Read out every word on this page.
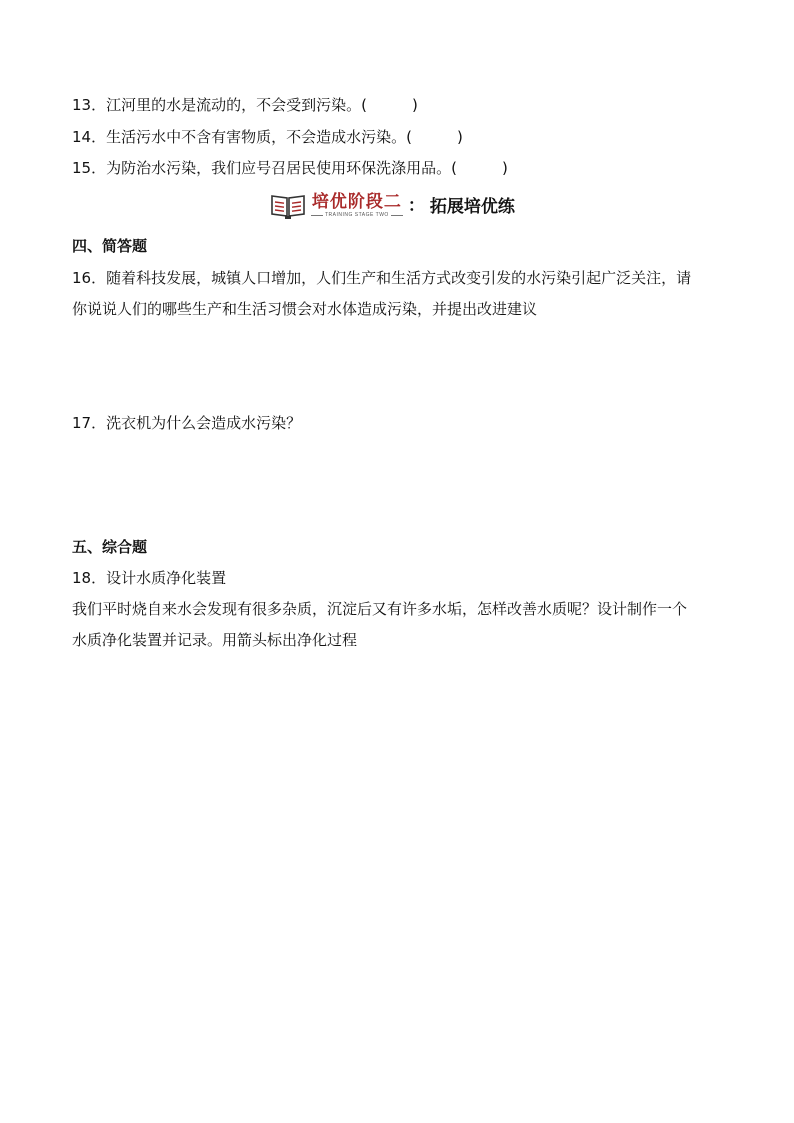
13．江河里的水是流动的，不会受到污染。(　　　)
14．生活污水中不含有害物质，不会造成水污染。(　　　)
15．为防治水污染，我们应号召居民使用环保洗涤用品。(　　　)
培优阶段二
TRAINING STAGE TWO ： 拓展培优练
四、简答题
16．随着科技发展，城镇人口增加，人们生产和生活方式改变引发的水污染引起广泛关注，请
你说说人们的哪些生产和生活习惯会对水体造成污染，并提出改进建议
17．洗衣机为什么会造成水污染？
五、综合题
18．设计水质净化装置
我们平时烧自来水会发现有很多杂质，沉淀后又有许多水垢，怎样改善水质呢？设计制作一个
水质净化装置并记录。用箭头标出净化过程
